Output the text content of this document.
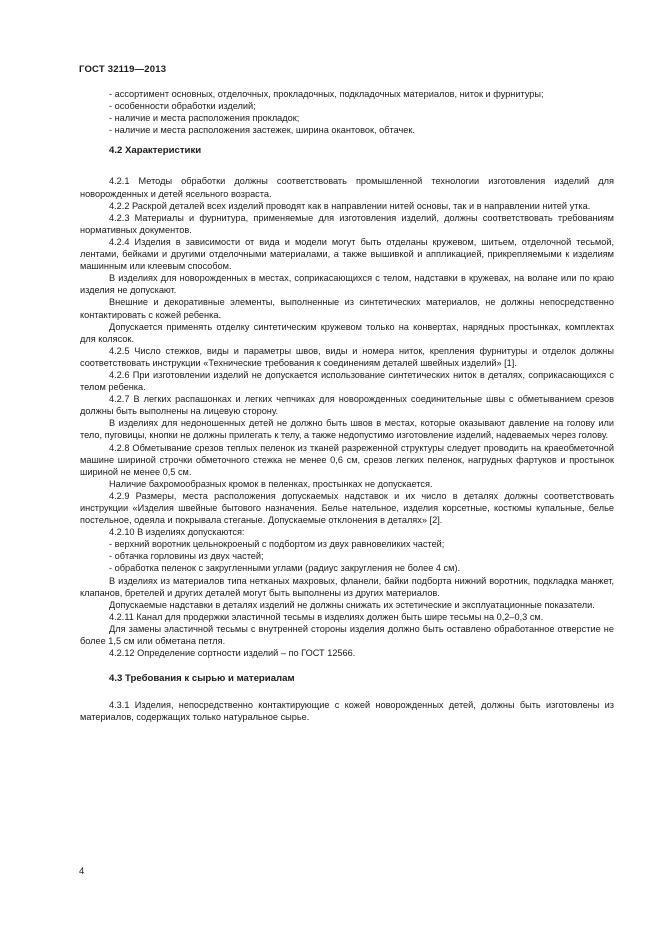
ГОСТ 32119—2013

- ассортимент основных, отделочных, прокладочных, подкладочных материалов, ниток и фурнитуры;

- особенности обработки изделий;

- наличие и места расположения прокладок;

- наличие и места расположения застежек, ширина окантовок, обтачек.

4.2 Характеристики

4.2.1 Методы обработки должны соответствовать промышленной технологии изготовления изделий для новорожденных и детей ясельного возраста.

4.2.2 Раскрой деталей всех изделий проводят как в направлении нитей основы, так и в направлении нитей утка.

4.2.3 Материалы и фурнитура, применяемые для изготовления изделий, должны соответствовать требованиям нормативных документов.

4.2.4 Изделия в зависимости от вида и модели могут быть отделаны кружевом, шитьем, отделочной тесьмой, лентами, бейками и другими отделочными материалами, а также вышивкой и аппликацией, прикрепляемыми к изделиям машинным или клеевым способом.

В изделиях для новорожденных в местах, соприкасающихся с телом, надставки в кружевах, на волане или по краю изделия не допускают.

Внешние и декоративные элементы, выполненные из синтетических материалов, не должны непосредственно контактировать с кожей ребенка.

Допускается применять отделку синтетическим кружевом только на конвертах, нарядных простынках, комплектах для колясок.

4.2.5 Число стежков, виды и параметры швов, виды и номера ниток, крепления фурнитуры и отделок должны соответствовать инструкции «Технические требования к соединениям деталей швейных изделий» [1].

4.2.6 При изготовлении изделий не допускается использование синтетических ниток в деталях, соприкасающихся с телом ребенка.

4.2.7 В легких распашонках и легких чепчиках для новорожденных соединительные швы с обметыванием срезов должны быть выполнены на лицевую сторону.

В изделиях для недоношенных детей не должно быть швов в местах, которые оказывают давление на голову или тело, пуговицы, кнопки не должны прилегать к телу, а также недопустимо изготовление изделий, надеваемых через голову.

4.2.8 Обметывание срезов теплых пеленок из тканей разреженной структуры следует проводить на краеобметочной машине шириной строчки обметочного стежка не менее 0,6 см, срезов легких пеленок, нагрудных фартуков и простынок шириной не менее 0,5 см.

Наличие бахромообразных кромок в пеленках, простынках не допускается.

4.2.9 Размеры, места расположения допускаемых надставок и их число в деталях должны соответствовать инструкции «Изделия швейные бытового назначения. Белье нательное, изделия корсетные, костюмы купальные, белье постельное, одеяла и покрывала стеганые. Допускаемые отклонения в деталях» [2].

4.2.10 В изделиях допускаются:

- верхний воротник цельнокроеный с подбортом из двух равновеликих частей;

- обтачка горловины из двух частей;

- обработка пеленок с закругленными углами (радиус закругления не более 4 см).

В изделиях из материалов типа нетканых махровых, фланели, байки подборта нижний воротник, подкладка манжет, клапанов, бретелей и других деталей могут быть выполнены из других материалов.

Допускаемые надставки в деталях изделий не должны снижать их эстетические и эксплуатационные показатели.

4.2.11 Канал для продержки эластичной тесьмы в изделиях должен быть шире тесьмы на 0,2–0,3 см.

Для замены эластичной тесьмы с внутренней стороны изделия должно быть оставлено обработанное отверстие не более 1,5 см или обметана петля.

4.2.12 Определение сортности изделий – по ГОСТ 12566.

4.3 Требования к сырью и материалам

4.3.1 Изделия, непосредственно контактирующие с кожей новорожденных детей, должны быть изготовлены из материалов, содержащих только натуральное сырье.

4
